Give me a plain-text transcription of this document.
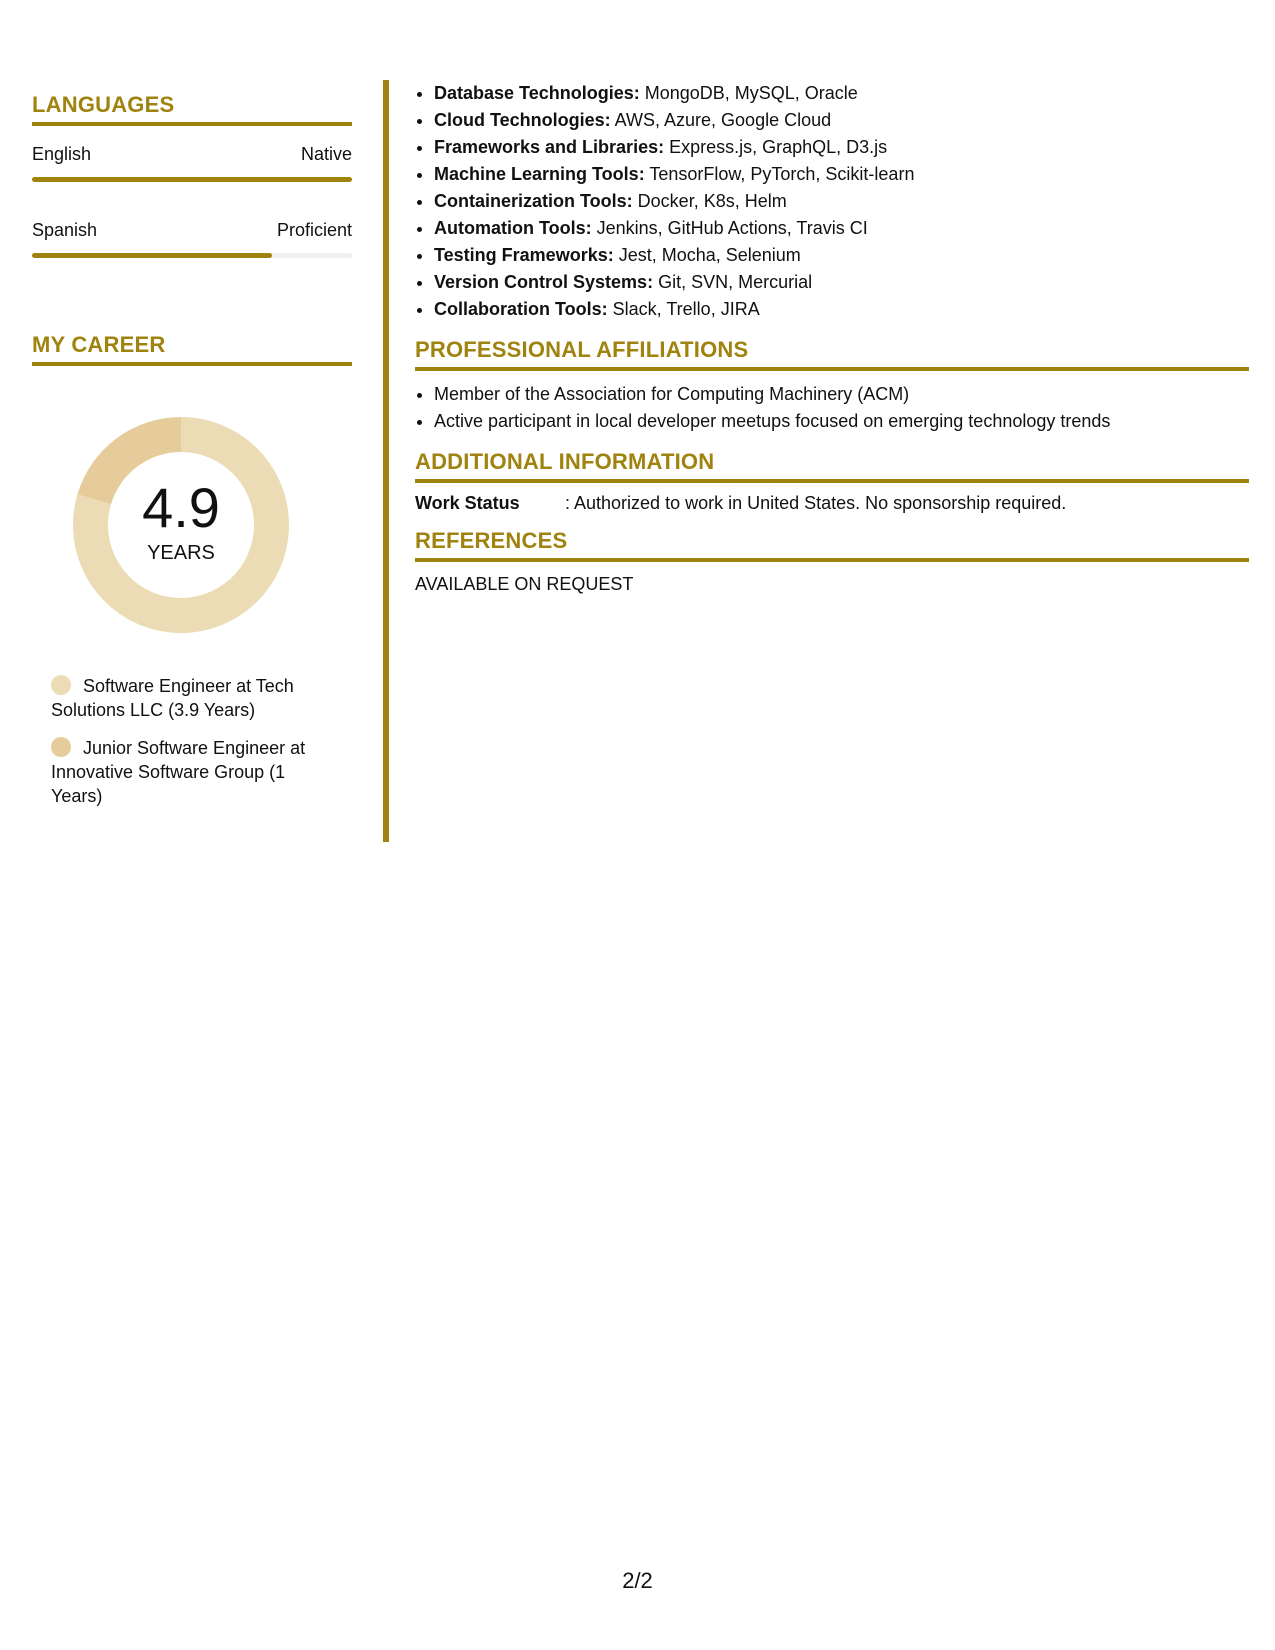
LANGUAGES
English	Native
Spanish	Proficient
MY CAREER
4.9
YEARS
Software Engineer at Tech Solutions LLC (3.9 Years)
Junior Software Engineer at Innovative Software Group (1 Years)
• Database Technologies: MongoDB, MySQL, Oracle
• Cloud Technologies: AWS, Azure, Google Cloud
• Frameworks and Libraries: Express.js, GraphQL, D3.js
• Machine Learning Tools: TensorFlow, PyTorch, Scikit-learn
• Containerization Tools: Docker, K8s, Helm
• Automation Tools: Jenkins, GitHub Actions, Travis CI
• Testing Frameworks: Jest, Mocha, Selenium
• Version Control Systems: Git, SVN, Mercurial
• Collaboration Tools: Slack, Trello, JIRA
PROFESSIONAL AFFILIATIONS
• Member of the Association for Computing Machinery (ACM)
• Active participant in local developer meetups focused on emerging technology trends
ADDITIONAL INFORMATION
Work Status	: Authorized to work in United States. No sponsorship required.
REFERENCES
AVAILABLE ON REQUEST
2/2
